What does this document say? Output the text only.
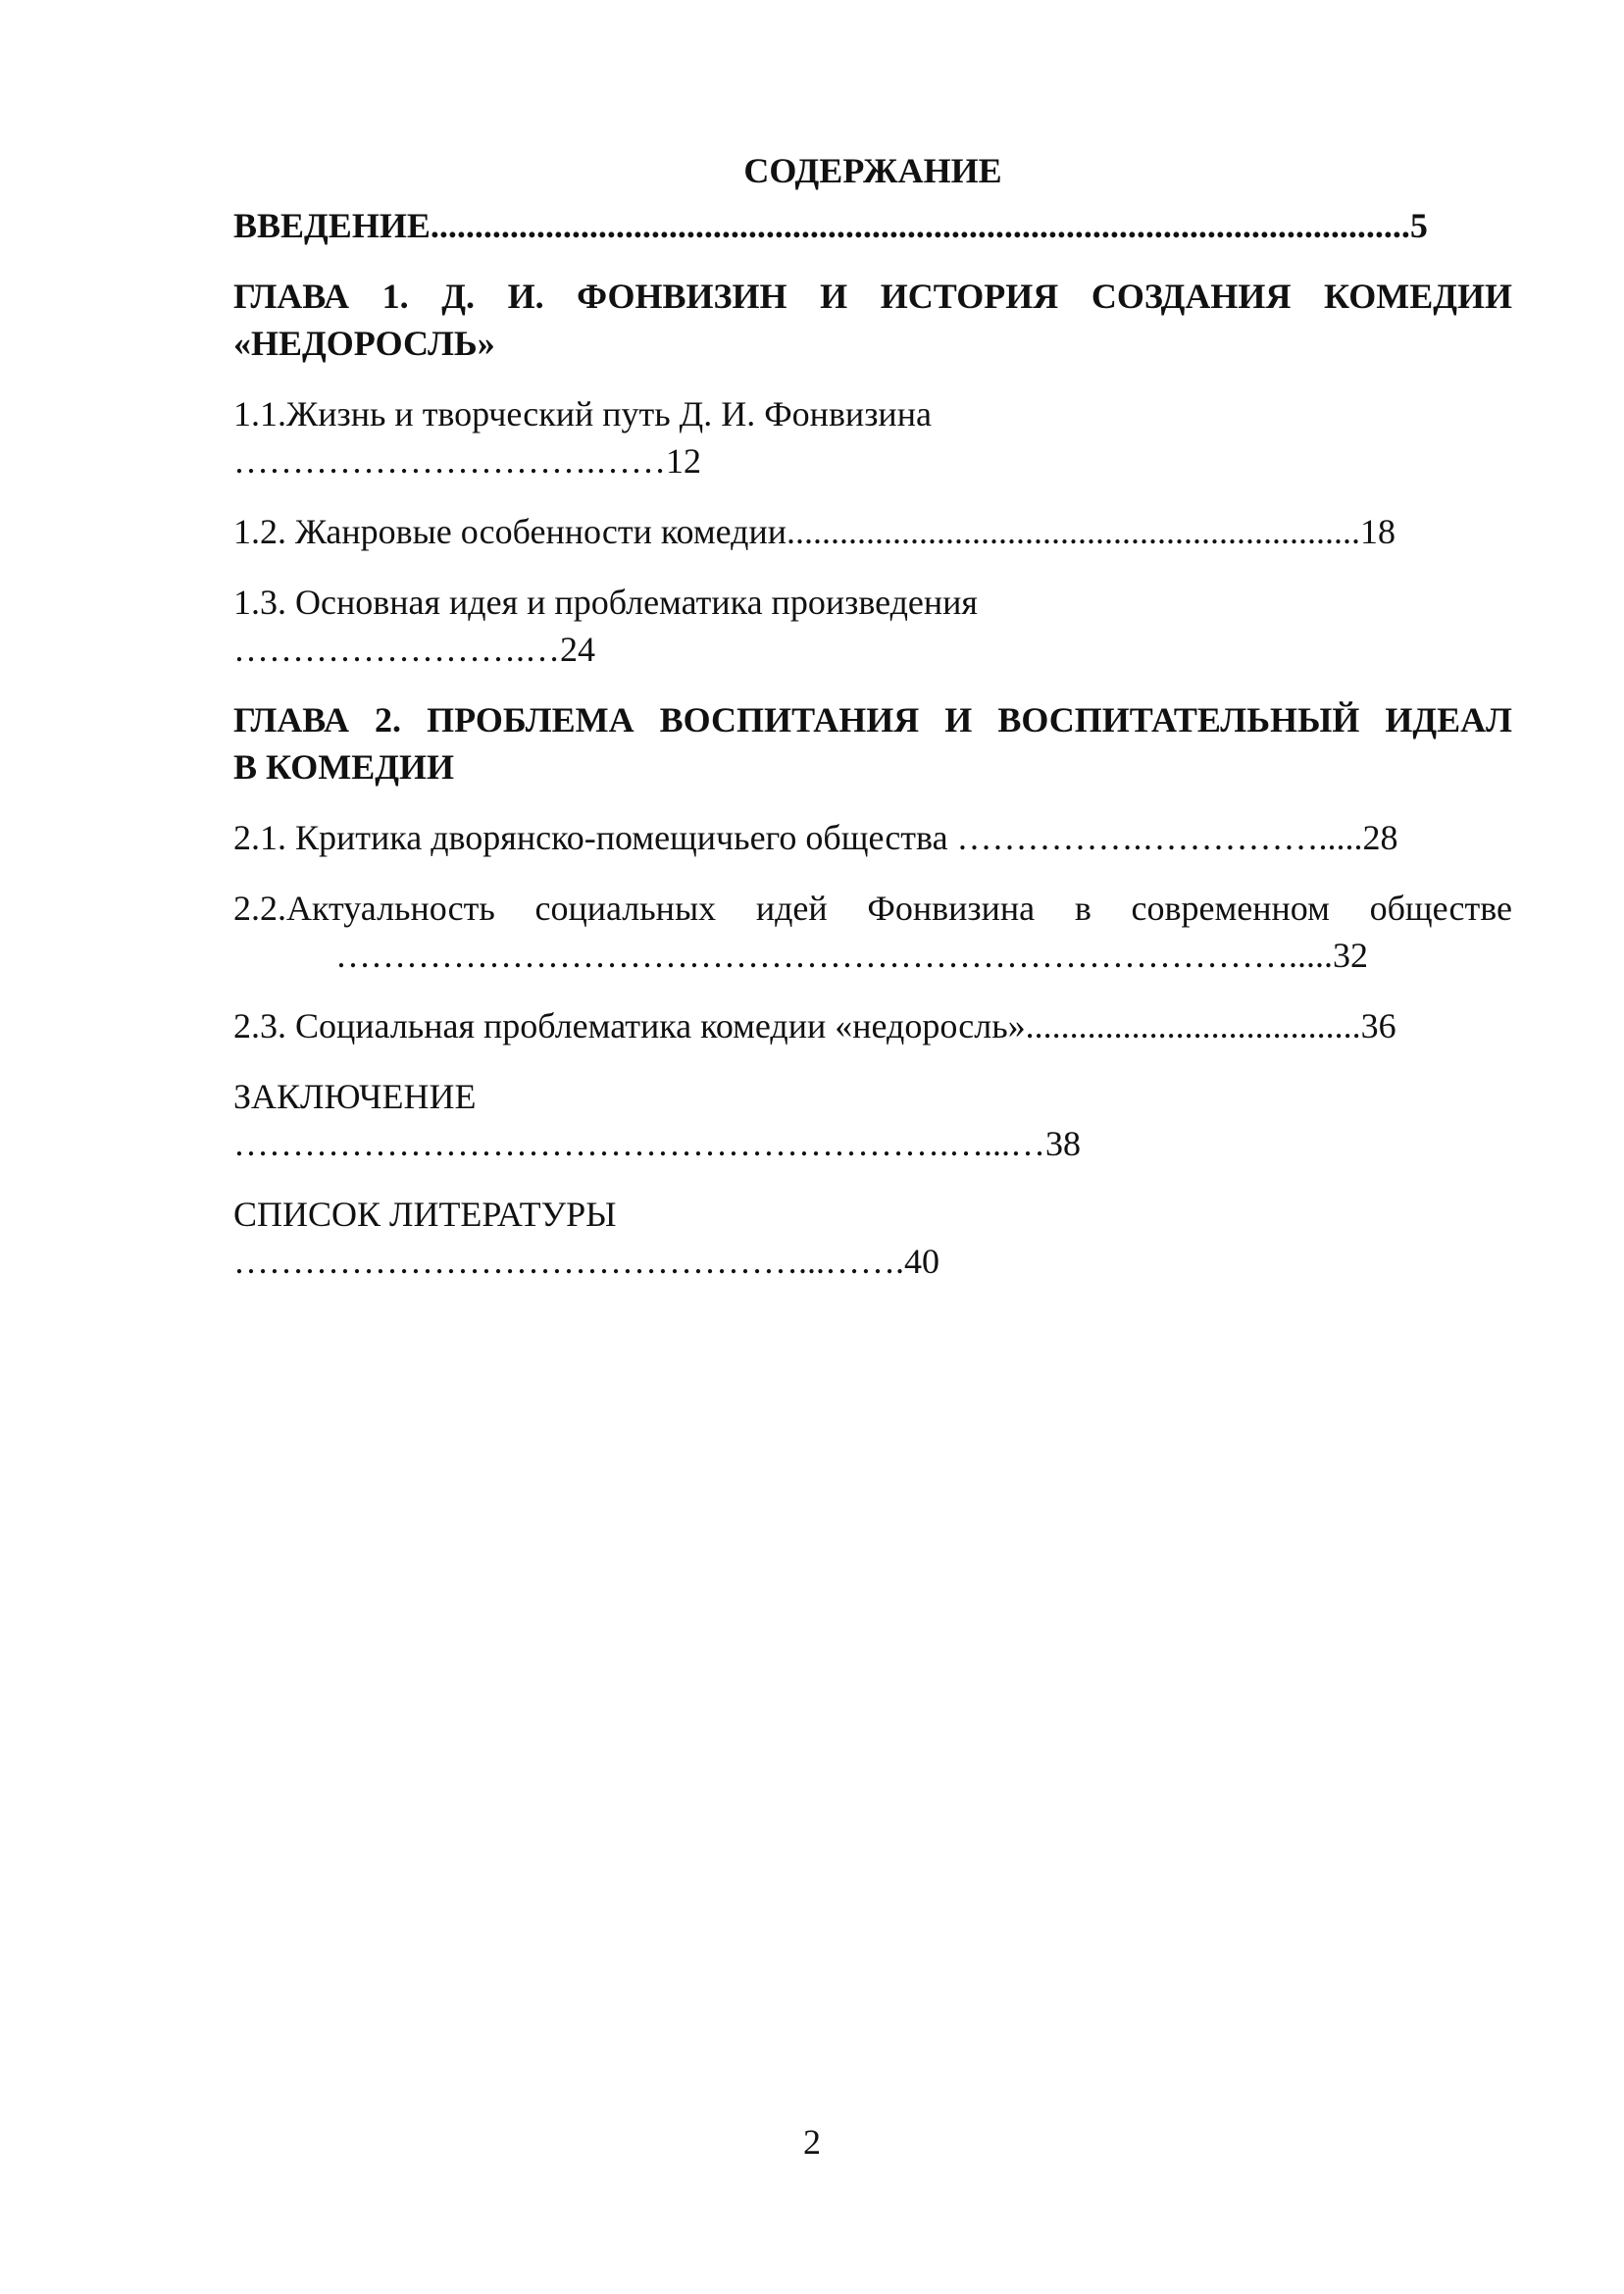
СОДЕРЖАНИЕ
ВВЕДЕНИЕ...............................................................................................................5
ГЛАВА 1. Д. И. ФОНВИЗИН И ИСТОРИЯ СОЗДАНИЯ КОМЕДИИ
«НЕДОРОСЛЬ»
1.1.Жизнь и творческий путь Д. И. Фонвизина
………………………….……12
1.2. Жанровые особенности комедии.................................................................18
1.3. Основная идея и проблематика произведения
…………………….…24
ГЛАВА 2. ПРОБЛЕМА ВОСПИТАНИЯ И ВОСПИТАТЕЛЬНЫЙ ИДЕАЛ
В КОМЕДИИ
2.1. Критика дворянско-помещичьего общества …………….…………….....28
2.2.Актуальность социальных идей Фонвизина в современном обществе
……………………………………………………………………….....32
2.3. Социальная проблематика комедии «недоросль»......................................36
ЗАКЛЮЧЕНИЕ
…………………………………………………….…...…38
СПИСОК ЛИТЕРАТУРЫ
…………………………………………...…….40
2
